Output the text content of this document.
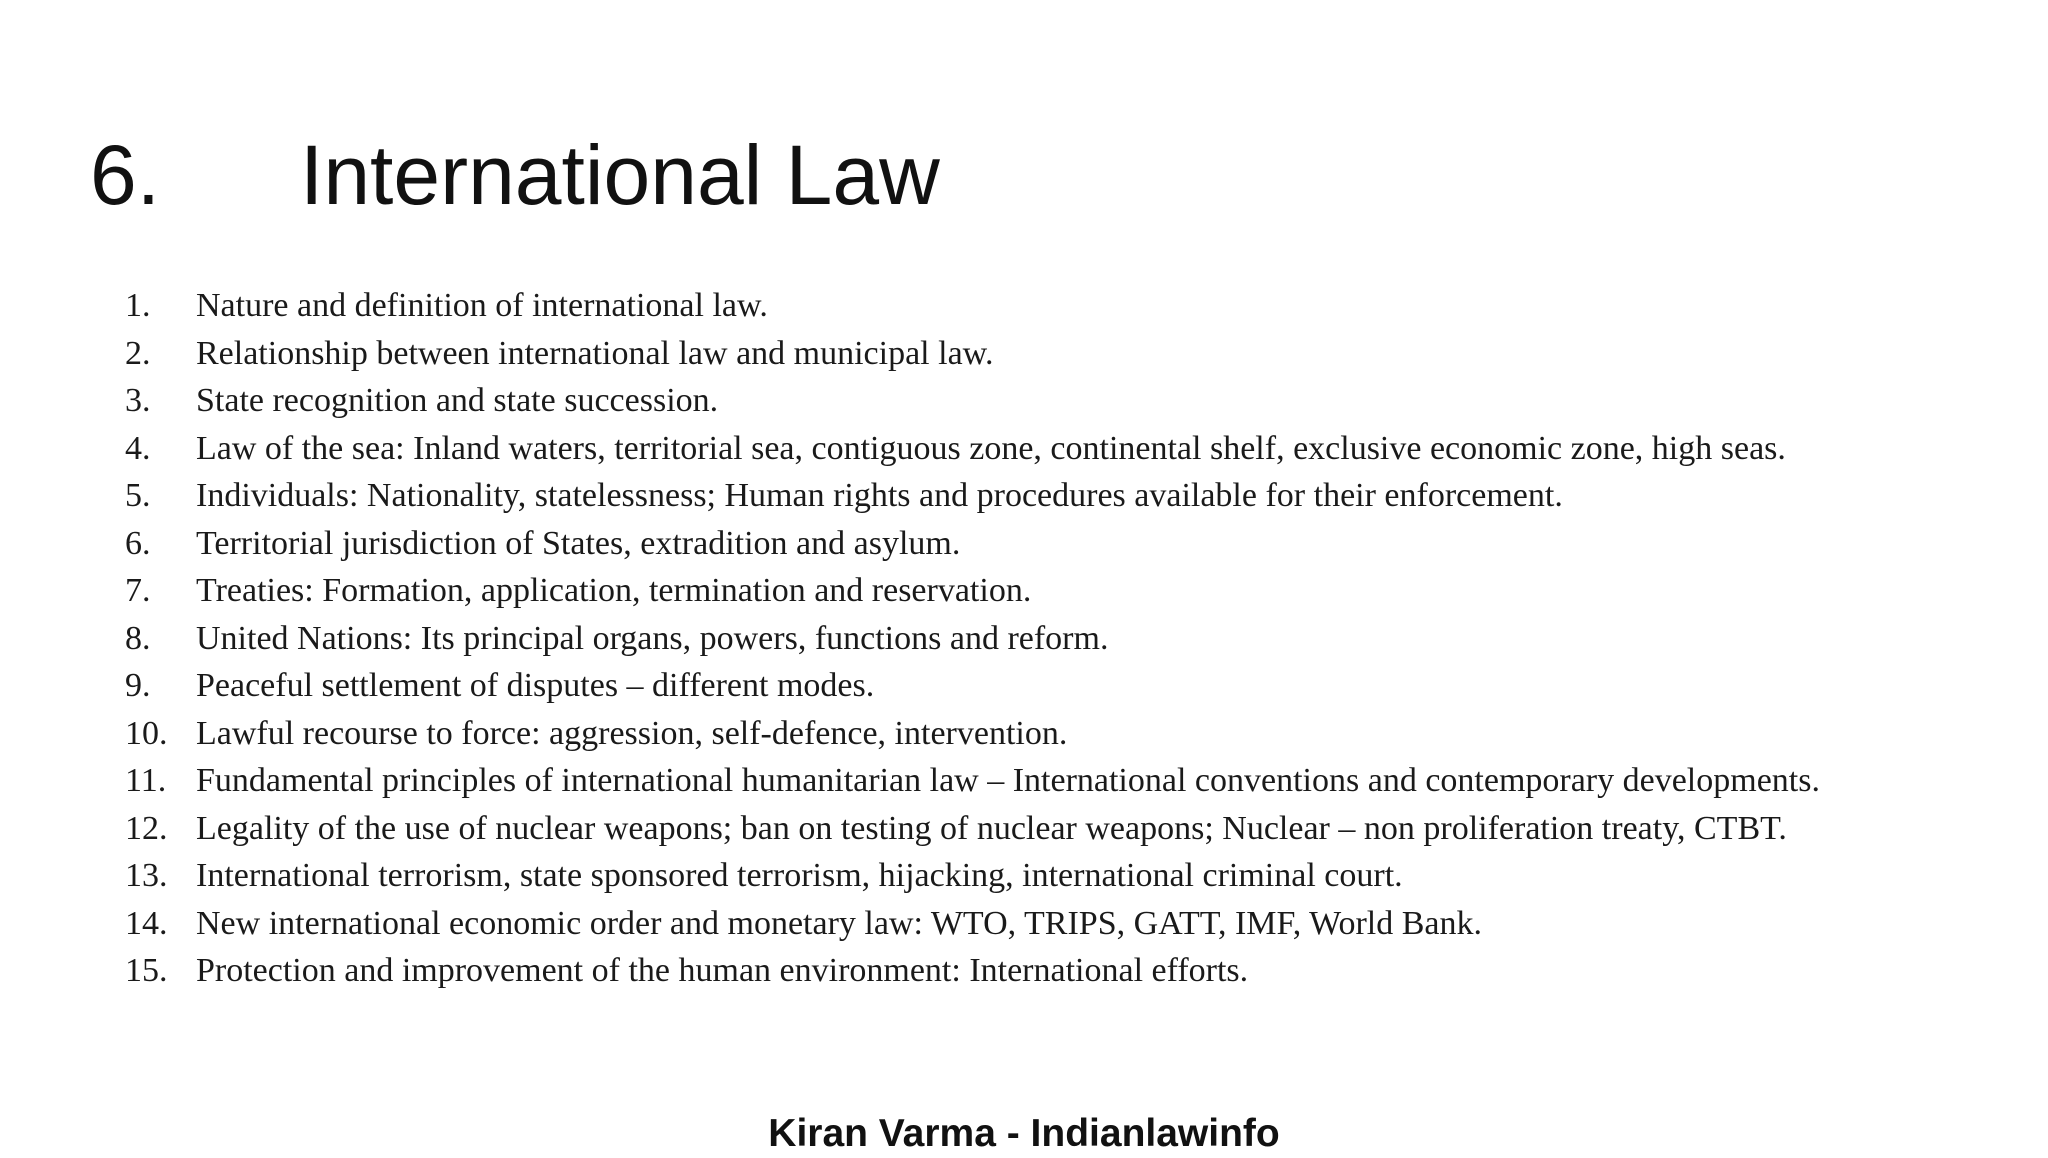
6. International Law
1. Nature and definition of international law.
2. Relationship between international law and municipal law.
3. State recognition and state succession.
4. Law of the sea: Inland waters, territorial sea, contiguous zone, continental shelf, exclusive economic zone, high seas.
5. Individuals: Nationality, statelessness; Human rights and procedures available for their enforcement.
6. Territorial jurisdiction of States, extradition and asylum.
7. Treaties: Formation, application, termination and reservation.
8. United Nations: Its principal organs, powers, functions and reform.
9. Peaceful settlement of disputes – different modes.
10. Lawful recourse to force: aggression, self-defence, intervention.
11. Fundamental principles of international humanitarian law – International conventions and contemporary developments.
12. Legality of the use of nuclear weapons; ban on testing of nuclear weapons; Nuclear – non proliferation treaty, CTBT.
13. International terrorism, state sponsored terrorism, hijacking, international criminal court.
14. New international economic order and monetary law: WTO, TRIPS, GATT, IMF, World Bank.
15. Protection and improvement of the human environment: International efforts.
Kiran Varma - Indianlawinfo
